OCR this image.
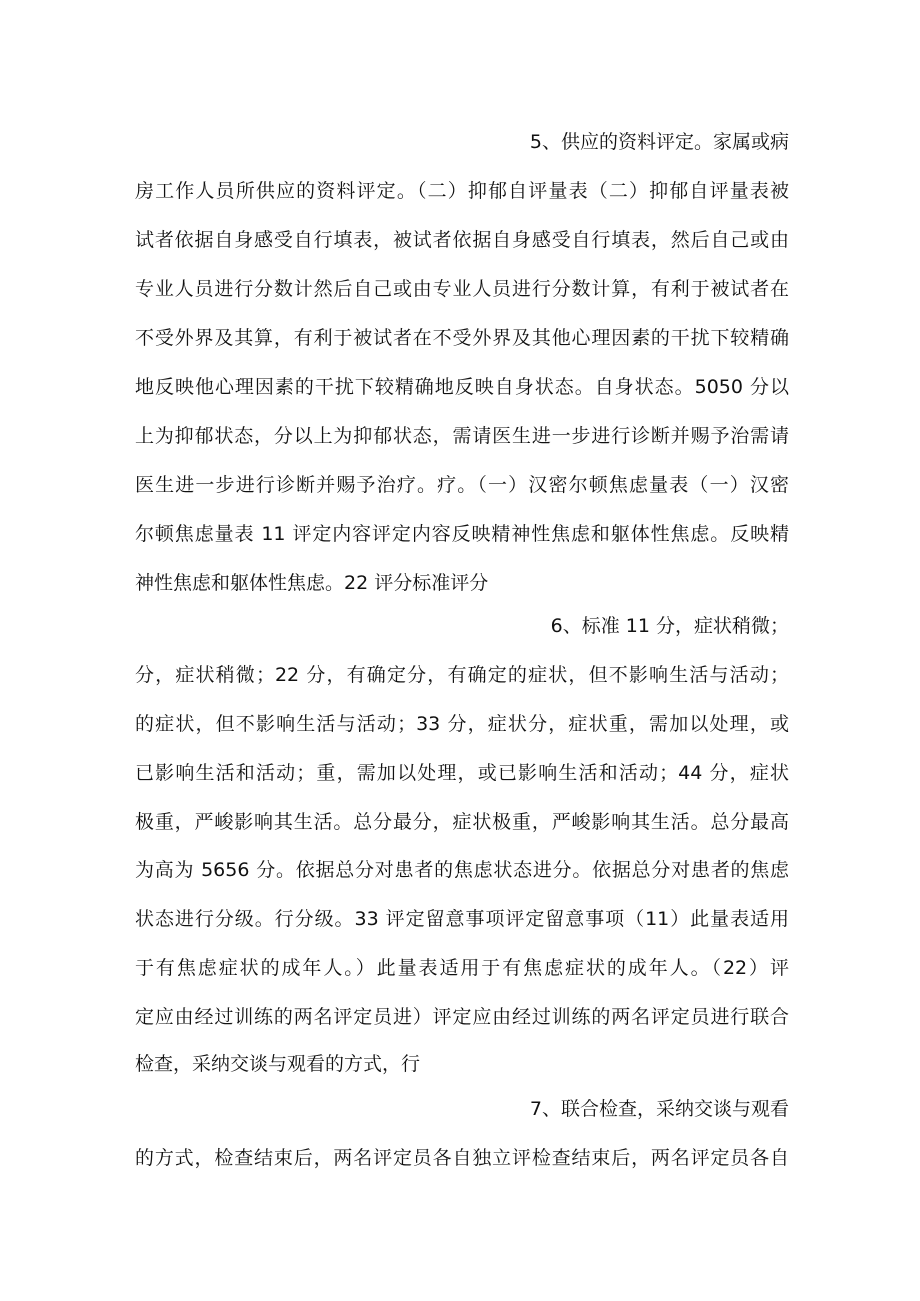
5、供应的资料评定。家属或病
房工作人员所供应的资料评定。（二）抑郁自评量表（二）抑郁自评量表被
试者依据自身感受自行填表，被试者依据自身感受自行填表，然后自己或由
专业人员进行分数计然后自己或由专业人员进行分数计算，有利于被试者在
不受外界及其算，有利于被试者在不受外界及其他心理因素的干扰下较精确
地反映他心理因素的干扰下较精确地反映自身状态。自身状态。5050 分以
上为抑郁状态，分以上为抑郁状态，需请医生进一步进行诊断并赐予治需请
医生进一步进行诊断并赐予治疗。疗。（一）汉密尔顿焦虑量表（一）汉密
尔顿焦虑量表 11 评定内容评定内容反映精神性焦虑和躯体性焦虑。反映精
神性焦虑和躯体性焦虑。22 评分标准评分
6、标准 11 分，症状稍微；
分，症状稍微；22 分，有确定分，有确定的症状，但不影响生活与活动；
的症状，但不影响生活与活动；33 分，症状分，症状重，需加以处理，或
已影响生活和活动；重，需加以处理，或已影响生活和活动；44 分，症状
极重，严峻影响其生活。总分最分，症状极重，严峻影响其生活。总分最高
为高为 5656 分。依据总分对患者的焦虑状态进分。依据总分对患者的焦虑
状态进行分级。行分级。33 评定留意事项评定留意事项（11）此量表适用
于有焦虑症状的成年人。）此量表适用于有焦虑症状的成年人。（22）评
定应由经过训练的两名评定员进）评定应由经过训练的两名评定员进行联合
检查，采纳交谈与观看的方式，行
7、联合检查，采纳交谈与观看
的方式，检查结束后，两名评定员各自独立评检查结束后，两名评定员各自
